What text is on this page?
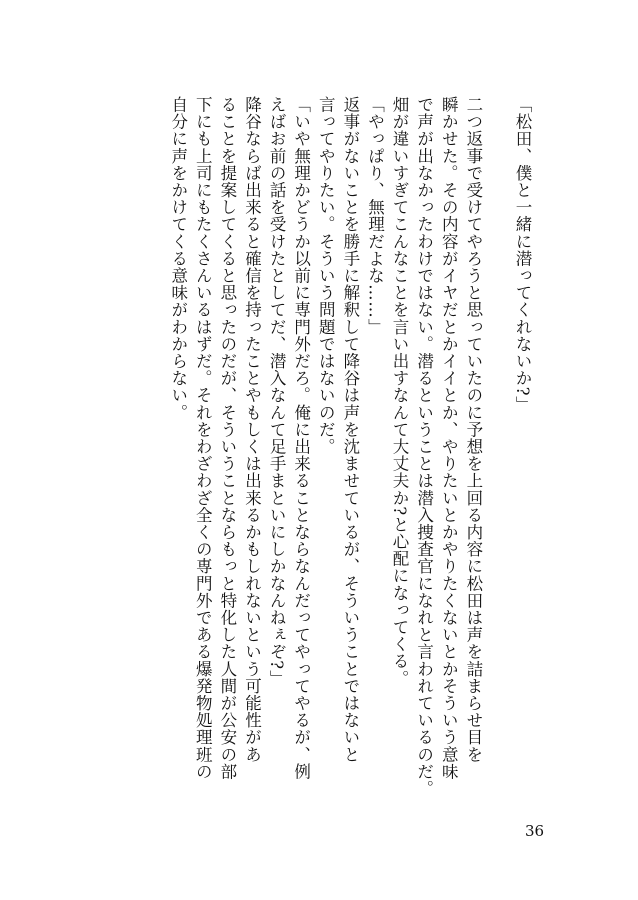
「松田、僕と一緒に潜ってくれないか?」
二つ返事で受けてやろうと思っていたのに予想を上回る内容に松田は声を詰まらせ目を
瞬かせた。その内容がイヤだとかイイとか、やりたいとかやりたくないとかそういう意味
で声が出なかったわけではない。潜るということは潜入捜査官になれと言われているのだ。
畑が違いすぎてこんなことを言い出すなんて大丈夫か?と心配になってくる。
「やっぱり、無理だよな……」
返事がないことを勝手に解釈して降谷は声を沈ませているが、そういうことではないと
言ってやりたい。そういう問題ではないのだ。
「いや無理かどうか以前に専門外だろ。俺に出来ることならなんだってやってやるが、例
えばお前の話を受けたとしてだ、潜入なんて足手まといにしかなんねぇぞ?」
降谷ならば出来ると確信を持ったことやもしくは出来るかもしれないという可能性があ
ることを提案してくると思ったのだが、そういうことならもっと特化した人間が公安の部
下にも上司にもたくさんいるはずだ。それをわざわざ全くの専門外である爆発物処理班の
自分に声をかけてくる意味がわからない。
36
